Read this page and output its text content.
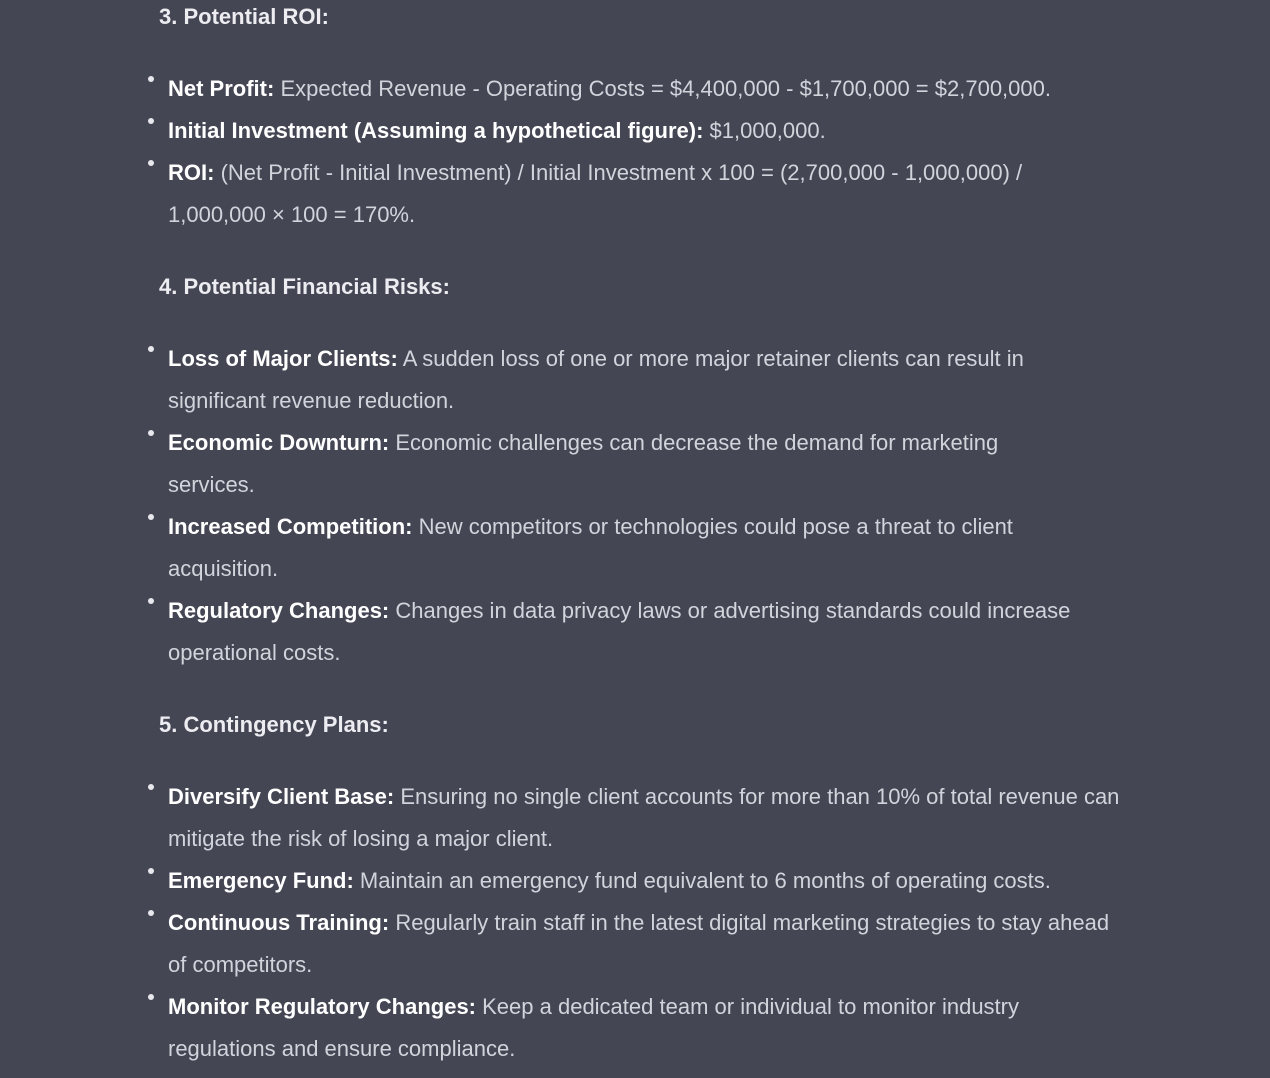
3. Potential ROI:
Net Profit: Expected Revenue - Operating Costs = $4,400,000 - $1,700,000 = $2,700,000.
Initial Investment (Assuming a hypothetical figure): $1,000,000.
ROI: (Net Profit - Initial Investment) / Initial Investment x 100 = (2,700,000 - 1,000,000) / 1,000,000 × 100 = 170%.
4. Potential Financial Risks:
Loss of Major Clients: A sudden loss of one or more major retainer clients can result in significant revenue reduction.
Economic Downturn: Economic challenges can decrease the demand for marketing services.
Increased Competition: New competitors or technologies could pose a threat to client acquisition.
Regulatory Changes: Changes in data privacy laws or advertising standards could increase operational costs.
5. Contingency Plans:
Diversify Client Base: Ensuring no single client accounts for more than 10% of total revenue can mitigate the risk of losing a major client.
Emergency Fund: Maintain an emergency fund equivalent to 6 months of operating costs.
Continuous Training: Regularly train staff in the latest digital marketing strategies to stay ahead of competitors.
Monitor Regulatory Changes: Keep a dedicated team or individual to monitor industry regulations and ensure compliance.
